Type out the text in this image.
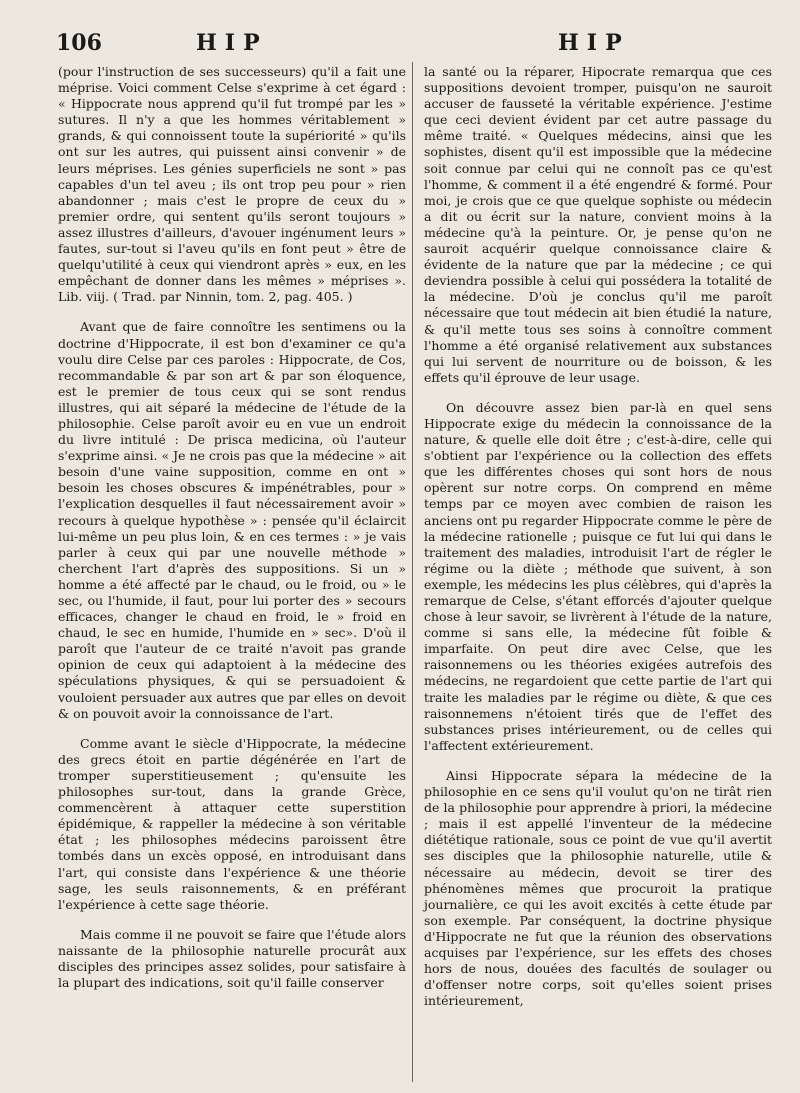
106	HIP	HIP

(pour l'instruction de ses successeurs) qu'il a fait une méprise. Voici comment Celse s'exprime à cet égard : « Hippocrate nous apprend qu'il fut trompé par les » sutures. Il n'y a que les hommes véritablement » grands, & qui connoissent toute la supériorité » qu'ils ont sur les autres, qui puissent ainsi convenir » de leurs méprises. Les génies superficiels ne sont » pas capables d'un tel aveu ; ils ont trop peu pour » rien abandonner ; mais c'est le propre de ceux du » premier ordre, qui sentent qu'ils seront toujours » assez illustres d'ailleurs, d'avouer ingénument leurs » fautes, sur-tout si l'aveu qu'ils en font peut » être de quelqu'utilité à ceux qui viendront après » eux, en les empêchant de donner dans les mêmes » méprises ». Lib. viij. ( Trad. par Ninnin, tom. 2, pag. 405. )

Avant que de faire connoître les sentimens ou la doctrine d'Hippocrate, il est bon d'examiner ce qu'a voulu dire Celse par ces paroles : Hippocrate, de Cos, recommandable & par son art & par son éloquence, est le premier de tous ceux qui se sont rendus illustres, qui ait séparé la médecine de l'étude de la philosophie. Celse paroît avoir eu en vue un endroit du livre intitulé : De prisca medicina, où l'auteur s'exprime ainsi. « Je ne crois pas que la médecine » ait besoin d'une vaine supposition, comme en ont » besoin les choses obscures & impénétrables, pour » l'explication desquelles il faut nécessairement avoir » recours à quelque hypothèse » : pensée qu'il éclaircit lui-même un peu plus loin, & en ces termes : » je vais parler à ceux qui par une nouvelle méthode » cherchent l'art d'après des suppositions. Si un » homme a été affecté par le chaud, ou le froid, ou » le sec, ou l'humide, il faut, pour lui porter des » secours efficaces, changer le chaud en froid, le » froid en chaud, le sec en humide, l'humide en » sec». D'où il paroît que l'auteur de ce traité n'avoit pas grande opinion de ceux qui adaptoient à la médecine des spéculations physiques, & qui se persuadoient & vouloient persuader aux autres que par elles on devoit & on pouvoit avoir la connoissance de l'art.

Comme avant le siècle d'Hippocrate, la médecine des grecs étoit en partie dégénérée en l'art de tromper superstitieusement ; qu'ensuite les philosophes sur-tout, dans la grande Grèce, commencèrent à attaquer cette superstition épidémique, & rappeller la médecine à son véritable état ; les philosophes médecins paroissent être tombés dans un excès opposé, en introduisant dans l'art, qui consiste dans l'expérience & une théorie sage, les seuls raisonnements, & en préférant l'expérience à cette sage théorie.

Mais comme il ne pouvoit se faire que l'étude alors naissante de la philosophie naturelle procurât aux disciples des principes assez solides, pour satisfaire à la plupart des indications, soit qu'il faille conserver

la santé ou la réparer, Hipocrate remarqua que ces suppositions devoient tromper, puisqu'on ne sauroit accuser de fausseté la véritable expérience. J'estime que ceci devient évident par cet autre passage du même traité. « Quelques médecins, ainsi que les sophistes, disent qu'il est impossible que la médecine soit connue par celui qui ne connoît pas ce qu'est l'homme, & comment il a été engendré & formé. Pour moi, je crois que ce que quelque sophiste ou médecin a dit ou écrit sur la nature, convient moins à la médecine qu'à la peinture. Or, je pense qu'on ne sauroit acquérir quelque connoissance claire & évidente de la nature que par la médecine ; ce qui deviendra possible à celui qui possédera la totalité de la médecine. D'où je conclus qu'il me paroît nécessaire que tout médecin ait bien étudié la nature, & qu'il mette tous ses soins à connoître comment l'homme a été organisé relativement aux substances qui lui servent de nourriture ou de boisson, & les effets qu'il éprouve de leur usage.

On découvre assez bien par-là en quel sens Hippocrate exige du médecin la connoissance de la nature, & quelle elle doit être ; c'est-à-dire, celle qui s'obtient par l'expérience ou la collection des effets que les différentes choses qui sont hors de nous opèrent sur notre corps. On comprend en même temps par ce moyen avec combien de raison les anciens ont pu regarder Hippocrate comme le père de la médecine rationelle ; puisque ce fut lui qui dans le traitement des maladies, introduisit l'art de régler le régime ou la diète ; méthode que suivent, à son exemple, les médecins les plus célèbres, qui d'après la remarque de Celse, s'étant efforcés d'ajouter quelque chose à leur savoir, se livrèrent à l'étude de la nature, comme si sans elle, la médecine fût foible & imparfaite. On peut dire avec Celse, que les raisonnemens ou les théories exigées autrefois des médecins, ne regardoient que cette partie de l'art qui traite les maladies par le régime ou diète, & que ces raisonnemens n'étoient tirés que de l'effet des substances prises intérieurement, ou de celles qui l'affectent extérieurement.

Ainsi Hippocrate sépara la médecine de la philosophie en ce sens qu'il voulut qu'on ne tirât rien de la philosophie pour apprendre à priori, la médecine ; mais il est appellé l'inventeur de la médecine diététique rationale, sous ce point de vue qu'il avertit ses disciples que la philosophie naturelle, utile & nécessaire au médecin, devoit se tirer des phénomènes mêmes que procuroit la pratique journalière, ce qui les avoit excités à cette étude par son exemple. Par conséquent, la doctrine physique d'Hippocrate ne fut que la réunion des observations acquises par l'expérience, sur les effets des choses hors de nous, douées des facultés de soulager ou d'offenser notre corps, soit qu'elles soient prises intérieurement,
